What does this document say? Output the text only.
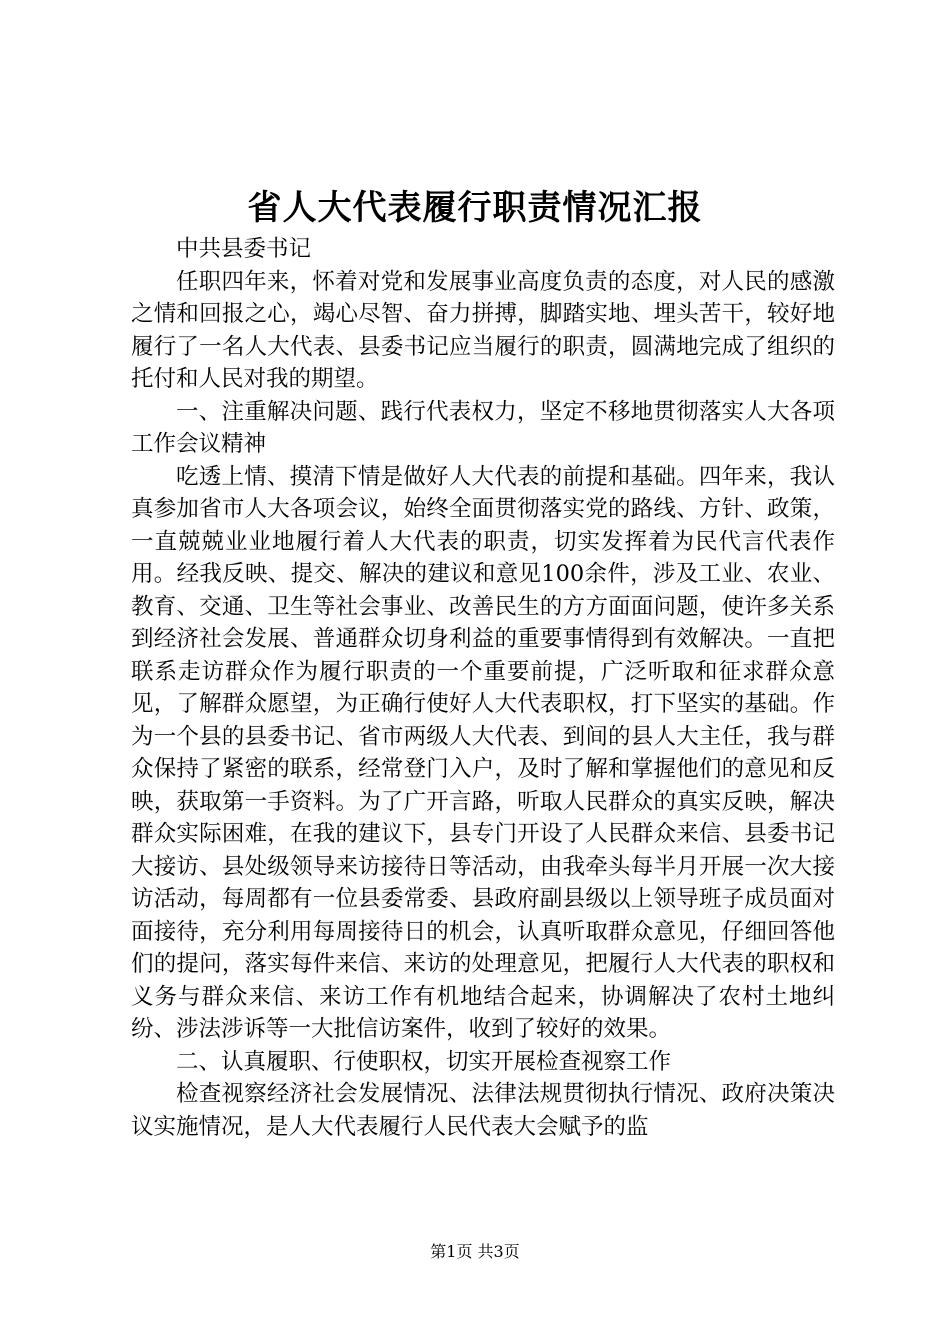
省人大代表履行职责情况汇报

中共县委书记

任职四年来，怀着对党和发展事业高度负责的态度，对人民的感激之情和回报之心，竭心尽智、奋力拼搏，脚踏实地、埋头苦干，较好地履行了一名人大代表、县委书记应当履行的职责，圆满地完成了组织的托付和人民对我的期望。

一、注重解决问题、践行代表权力，坚定不移地贯彻落实人大各项工作会议精神

吃透上情、摸清下情是做好人大代表的前提和基础。四年来，我认真参加省市人大各项会议，始终全面贯彻落实党的路线、方针、政策，一直兢兢业业地履行着人大代表的职责，切实发挥着为民代言代表作用。经我反映、提交、解决的建议和意见100余件，涉及工业、农业、教育、交通、卫生等社会事业、改善民生的方方面面问题，使许多关系到经济社会发展、普通群众切身利益的重要事情得到有效解决。一直把联系走访群众作为履行职责的一个重要前提，广泛听取和征求群众意见，了解群众愿望，为正确行使好人大代表职权，打下坚实的基础。作为一个县的县委书记、省市两级人大代表、到间的县人大主任，我与群众保持了紧密的联系，经常登门入户，及时了解和掌握他们的意见和反映，获取第一手资料。为了广开言路，听取人民群众的真实反映，解决群众实际困难，在我的建议下，县专门开设了人民群众来信、县委书记大接访、县处级领导来访接待日等活动，由我牵头每半月开展一次大接访活动，每周都有一位县委常委、县政府副县级以上领导班子成员面对面接待，充分利用每周接待日的机会，认真听取群众意见，仔细回答他们的提问，落实每件来信、来访的处理意见，把履行人大代表的职权和义务与群众来信、来访工作有机地结合起来，协调解决了农村土地纠纷、涉法涉诉等一大批信访案件，收到了较好的效果。

二、认真履职、行使职权，切实开展检查视察工作

检查视察经济社会发展情况、法律法规贯彻执行情况、政府决策决议实施情况，是人大代表履行人民代表大会赋予的监

第1页 共3页
